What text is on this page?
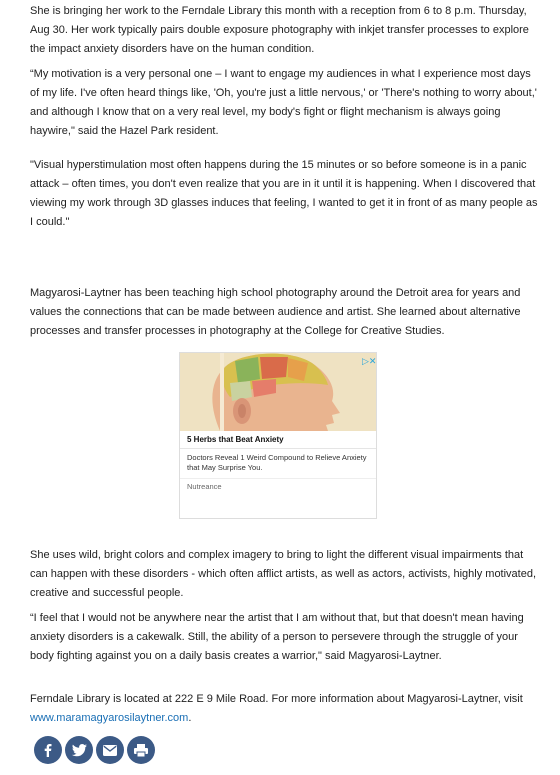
She is bringing her work to the Ferndale Library this month with a reception from 6 to 8 p.m. Thursday, Aug 30. Her work typically pairs double exposure photography with inkjet transfer processes to explore the impact anxiety disorders have on the human condition.

“My motivation is a very personal one – I want to engage my audiences in what I experience most days of my life. I've often heard things like, 'Oh, you're just a little nervous,' or 'There's nothing to worry about,' and although I know that on a very real level, my body's fight or flight mechanism is always going haywire," said the Hazel Park resident.

"Visual hyperstimulation most often happens during the 15 minutes or so before someone is in a panic attack – often times, you don't even realize that you are in it until it is happening. When I discovered that viewing my work through 3D glasses induces that feeling, I wanted to get it in front of as many people as I could."

Magyarosi-Laytner has been teaching high school photography around the Detroit area for years and values the connections that can be made between audience and artist. She learned about alternative processes and transfer processes in photography at the College for Creative Studies.

She uses wild, bright colors and complex imagery to bring to light the different visual impairments that can happen with these disorders - which often afflict artists, as well as actors, activists, highly motivated, creative and successful people.

“I feel that I would not be anywhere near the artist that I am without that, but that doesn't mean having anxiety disorders is a cakewalk. Still, the ability of a person to persevere through the struggle of your body fighting against you on a daily basis creates a warrior," said Magyarosi-Laytner.

Ferndale Library is located at 222 E 9 Mile Road. For more information about Magyarosi-Laytner, visit www.maramagyarosilaytner.com.

▷✕
5 Herbs that Beat Anxiety
Doctors Reveal 1 Weird Compound to Relieve Anxiety that May Surprise You.
Nutreance
